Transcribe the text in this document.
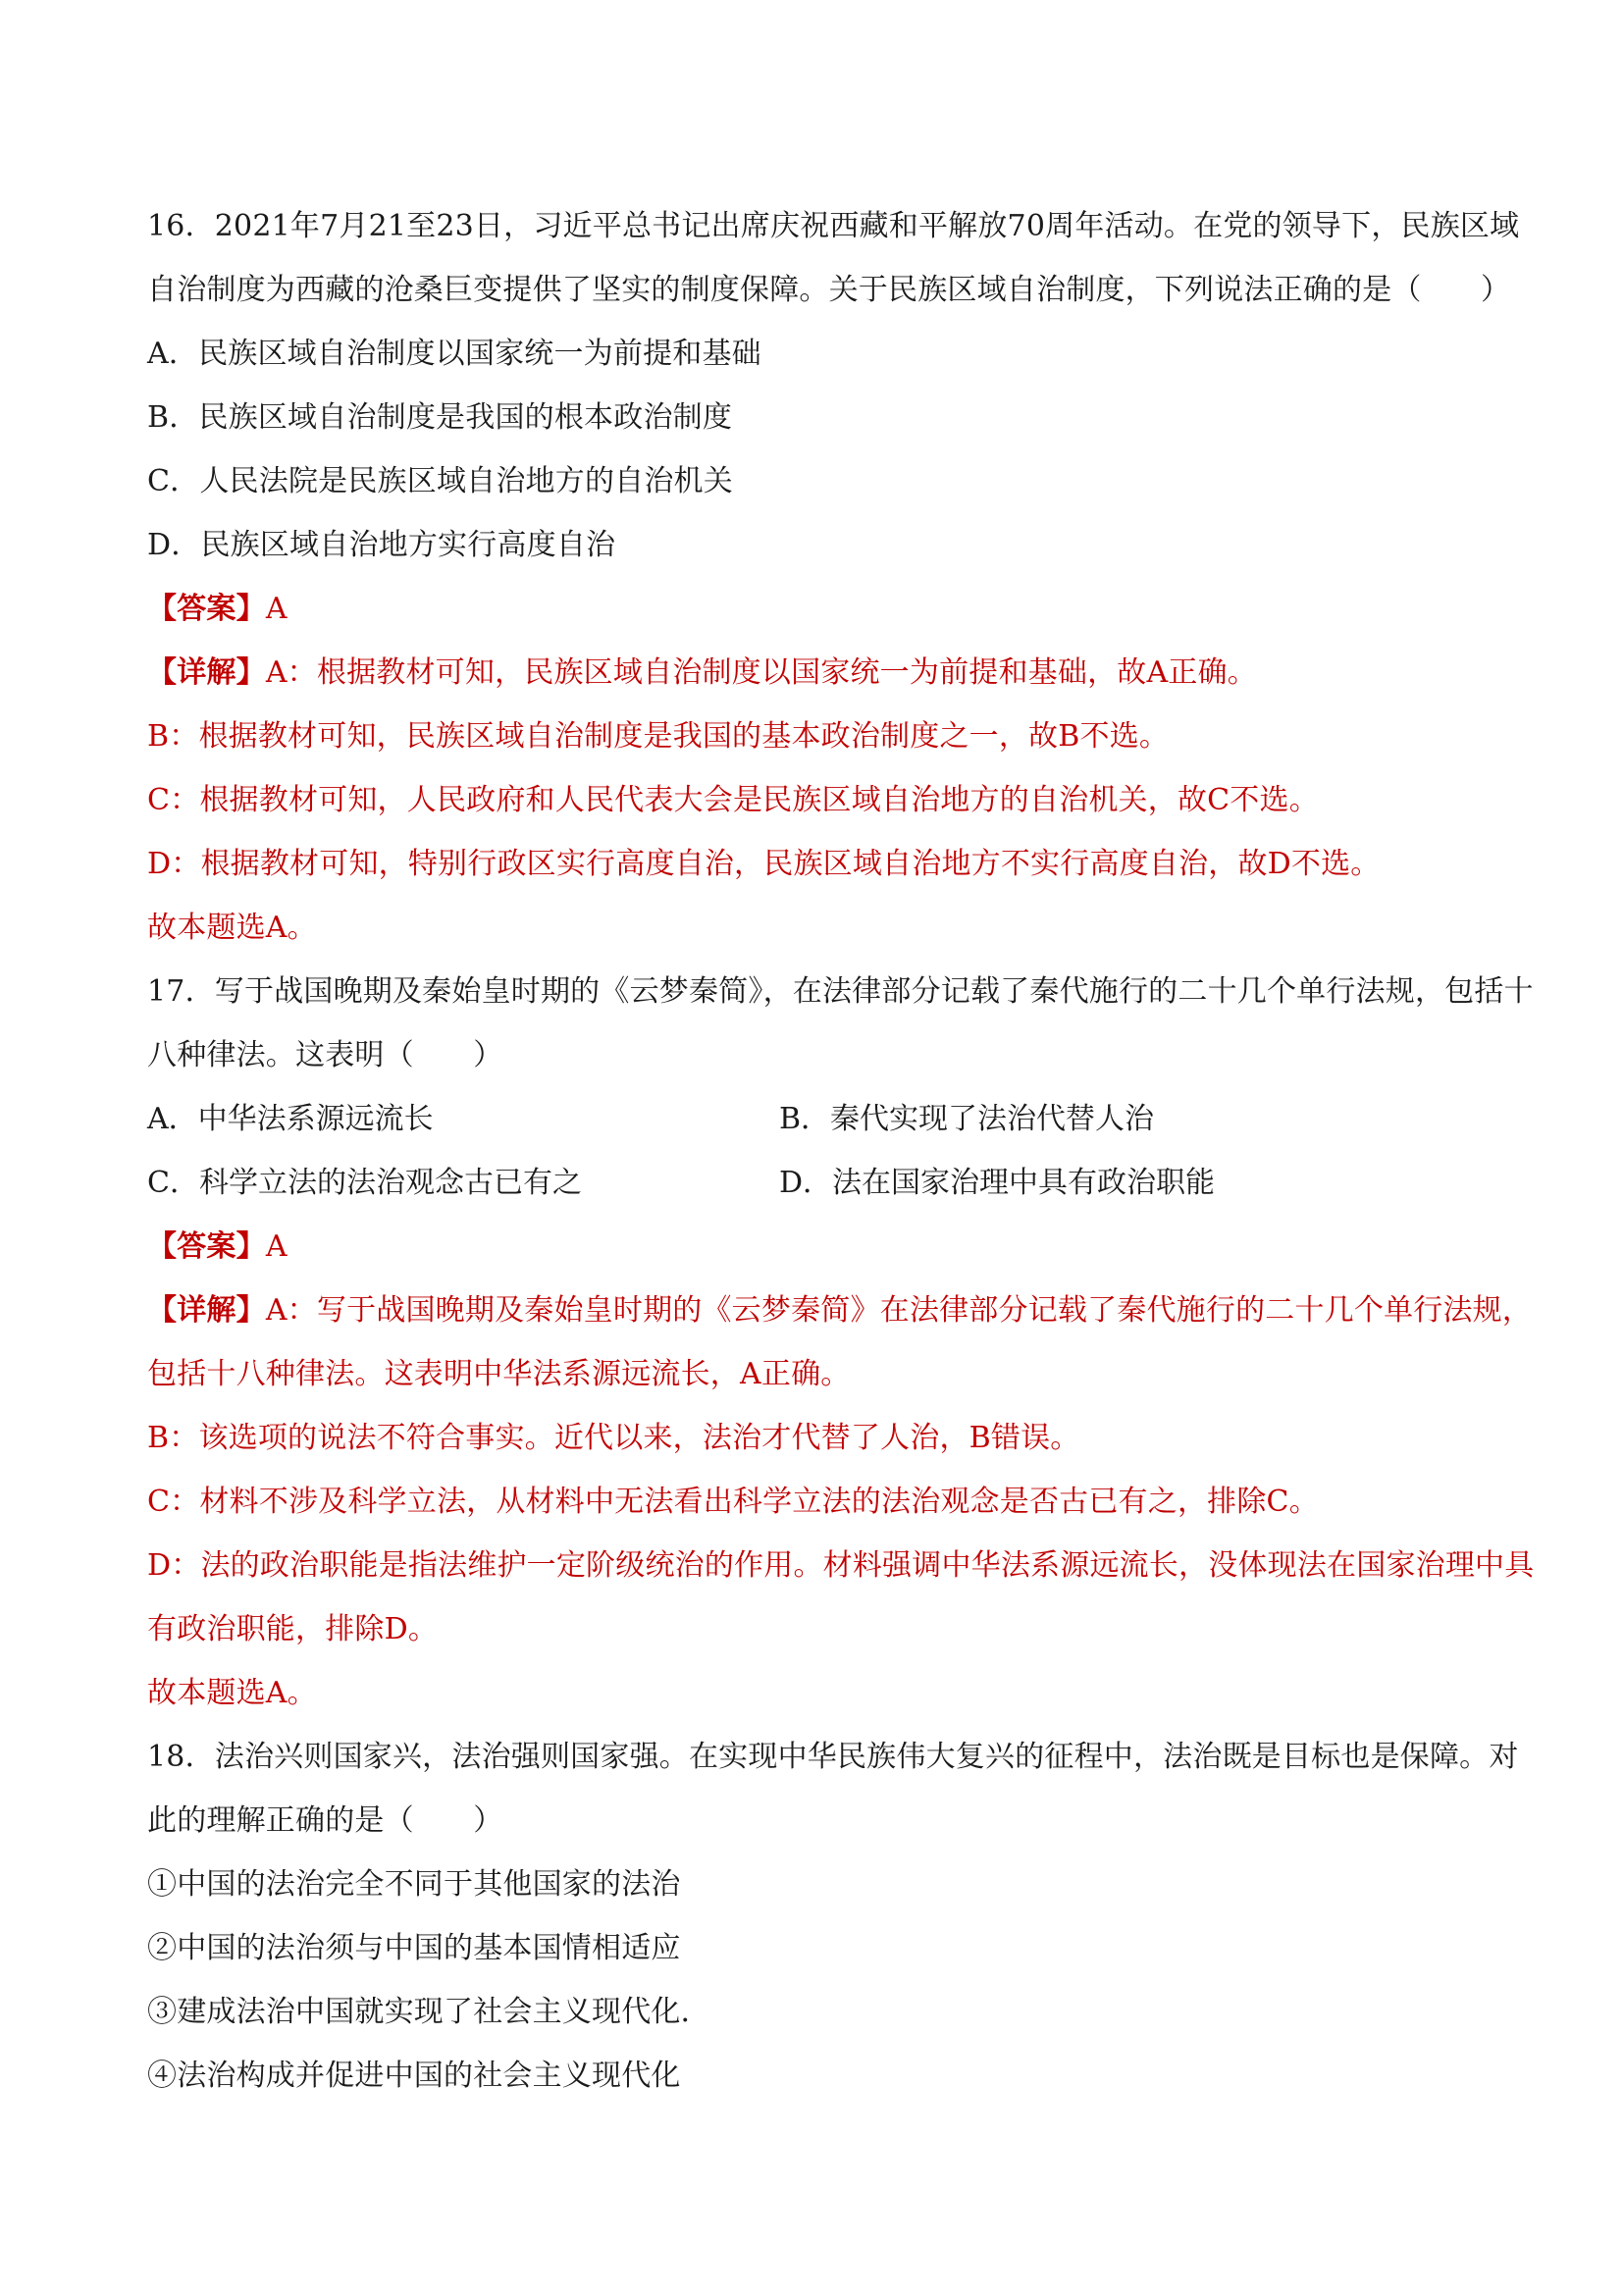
16．2021年7月21至23日，习近平总书记出席庆祝西藏和平解放70周年活动。在党的领导下，民族区域
自治制度为西藏的沧桑巨变提供了坚实的制度保障。关于民族区域自治制度，下列说法正确的是（　　）
A．民族区域自治制度以国家统一为前提和基础
B．民族区域自治制度是我国的根本政治制度
C．人民法院是民族区域自治地方的自治机关
D．民族区域自治地方实行高度自治
【答案】A
【详解】A：根据教材可知，民族区域自治制度以国家统一为前提和基础，故A正确。
B：根据教材可知，民族区域自治制度是我国的基本政治制度之一，故B不选。
C：根据教材可知，人民政府和人民代表大会是民族区域自治地方的自治机关，故C不选。
D：根据教材可知，特别行政区实行高度自治，民族区域自治地方不实行高度自治，故D不选。
故本题选A。
17．写于战国晚期及秦始皇时期的《云梦秦简》，在法律部分记载了秦代施行的二十几个单行法规，包括十
八种律法。这表明（　　）
A．中华法系源远流长	B．秦代实现了法治代替人治
C．科学立法的法治观念古已有之	D．法在国家治理中具有政治职能
【答案】A
【详解】A：写于战国晚期及秦始皇时期的《云梦秦简》在法律部分记载了秦代施行的二十几个单行法规，
包括十八种律法。这表明中华法系源远流长，A正确。
B：该选项的说法不符合事实。近代以来，法治才代替了人治，B错误。
C：材料不涉及科学立法，从材料中无法看出科学立法的法治观念是否古已有之，排除C。
D：法的政治职能是指法维护一定阶级统治的作用。材料强调中华法系源远流长，没体现法在国家治理中具
有政治职能，排除D。
故本题选A。
18．法治兴则国家兴，法治强则国家强。在实现中华民族伟大复兴的征程中，法治既是目标也是保障。对
此的理解正确的是（　　）
①中国的法治完全不同于其他国家的法治
②中国的法治须与中国的基本国情相适应
③建成法治中国就实现了社会主义现代化．
④法治构成并促进中国的社会主义现代化
